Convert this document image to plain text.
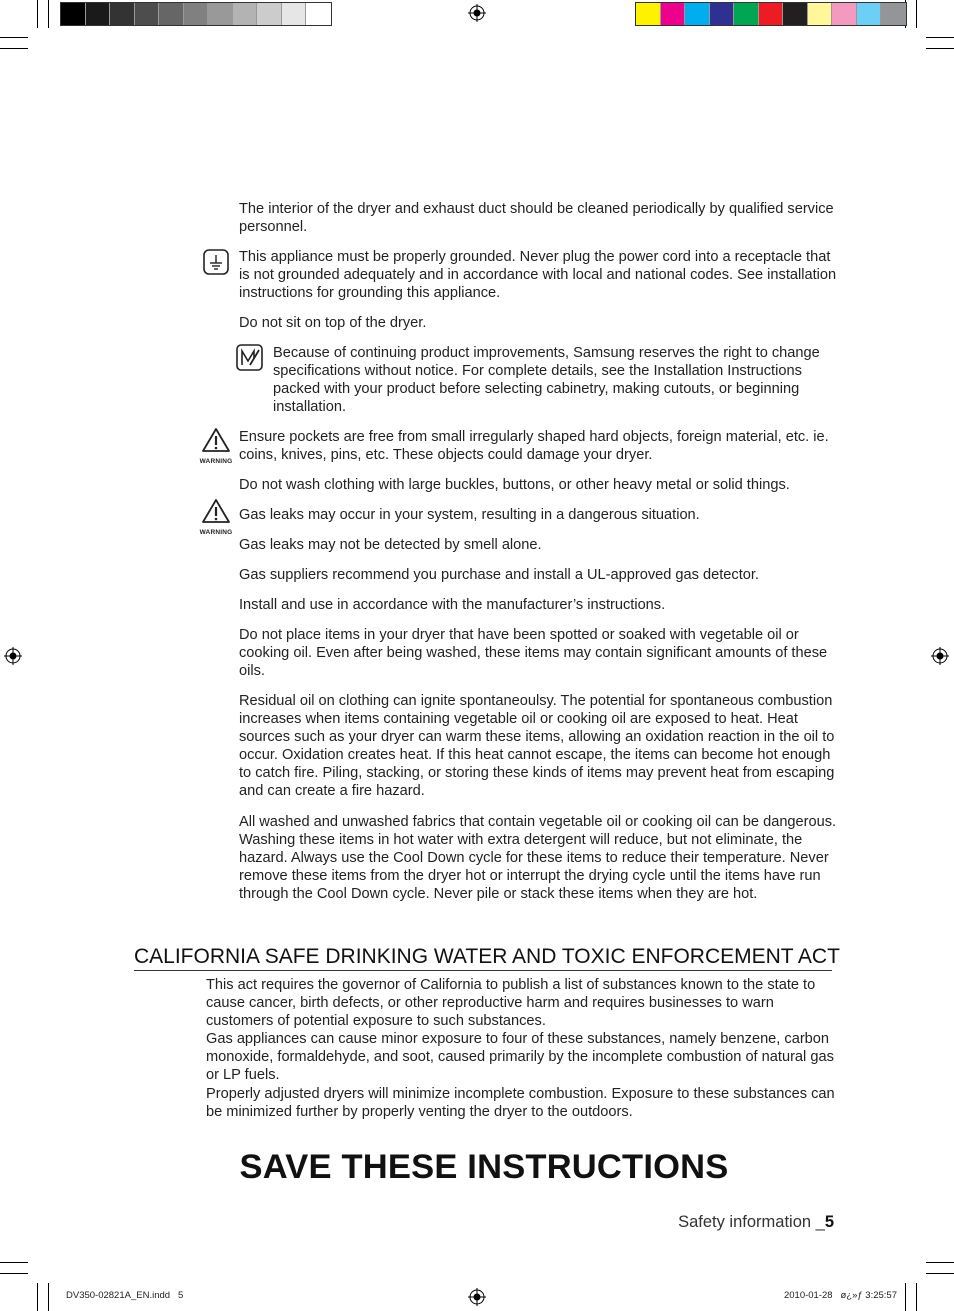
The interior of the dryer and exhaust duct should be cleaned periodically by qualified service personnel.
This appliance must be properly grounded. Never plug the power cord into a receptacle that is not grounded adequately and in accordance with local and national codes. See installation instructions for grounding this appliance.
Do not sit on top of the dryer.
Because of continuing product improvements, Samsung reserves the right to change specifications without notice. For complete details, see the Installation Instructions packed with your product before selecting cabinetry, making cutouts, or beginning installation.
WARNING
Ensure pockets are free from small irregularly shaped hard objects, foreign material, etc. ie. coins, knives, pins, etc. These objects could damage your dryer.
Do not wash clothing with large buckles, buttons, or other heavy metal or solid things.
WARNING
Gas leaks may occur in your system, resulting in a dangerous situation.
Gas leaks may not be detected by smell alone.
Gas suppliers recommend you purchase and install a UL-approved gas detector.
Install and use in accordance with the manufacturer’s instructions.
Do not place items in your dryer that have been spotted or soaked with vegetable oil or cooking oil. Even after being washed, these items may contain significant amounts of these oils.
Residual oil on clothing can ignite spontaneoulsy. The potential for spontaneous combustion increases when items containing vegetable oil or cooking oil are exposed to heat. Heat sources such as your dryer can warm these items, allowing an oxidation reaction in the oil to occur. Oxidation creates heat. If this heat cannot escape, the items can become hot enough to catch fire. Piling, stacking, or storing these kinds of items may prevent heat from escaping and can create a fire hazard.
All washed and unwashed fabrics that contain vegetable oil or cooking oil can be dangerous. Washing these items in hot water with extra detergent will reduce, but not eliminate, the hazard. Always use the Cool Down cycle for these items to reduce their temperature. Never remove these items from the dryer hot or interrupt the drying cycle until the items have run through the Cool Down cycle. Never pile or stack these items when they are hot.
CALIFORNIA SAFE DRINKING WATER AND TOXIC ENFORCEMENT ACT
This act requires the governor of California to publish a list of substances known to the state to cause cancer, birth defects, or other reproductive harm and requires businesses to warn customers of potential exposure to such substances.
Gas appliances can cause minor exposure to four of these substances, namely benzene, carbon monoxide, formaldehyde, and soot, caused primarily by the incomplete combustion of natural gas or LP fuels.
Properly adjusted dryers will minimize incomplete combustion. Exposure to these substances can be minimized further by properly venting the dryer to the outdoors.
SAVE THESE INSTRUCTIONS
Safety information _5
DV350-02821A_EN.indd   5	2010-01-28   ø¿»ƒ 3:25:57
